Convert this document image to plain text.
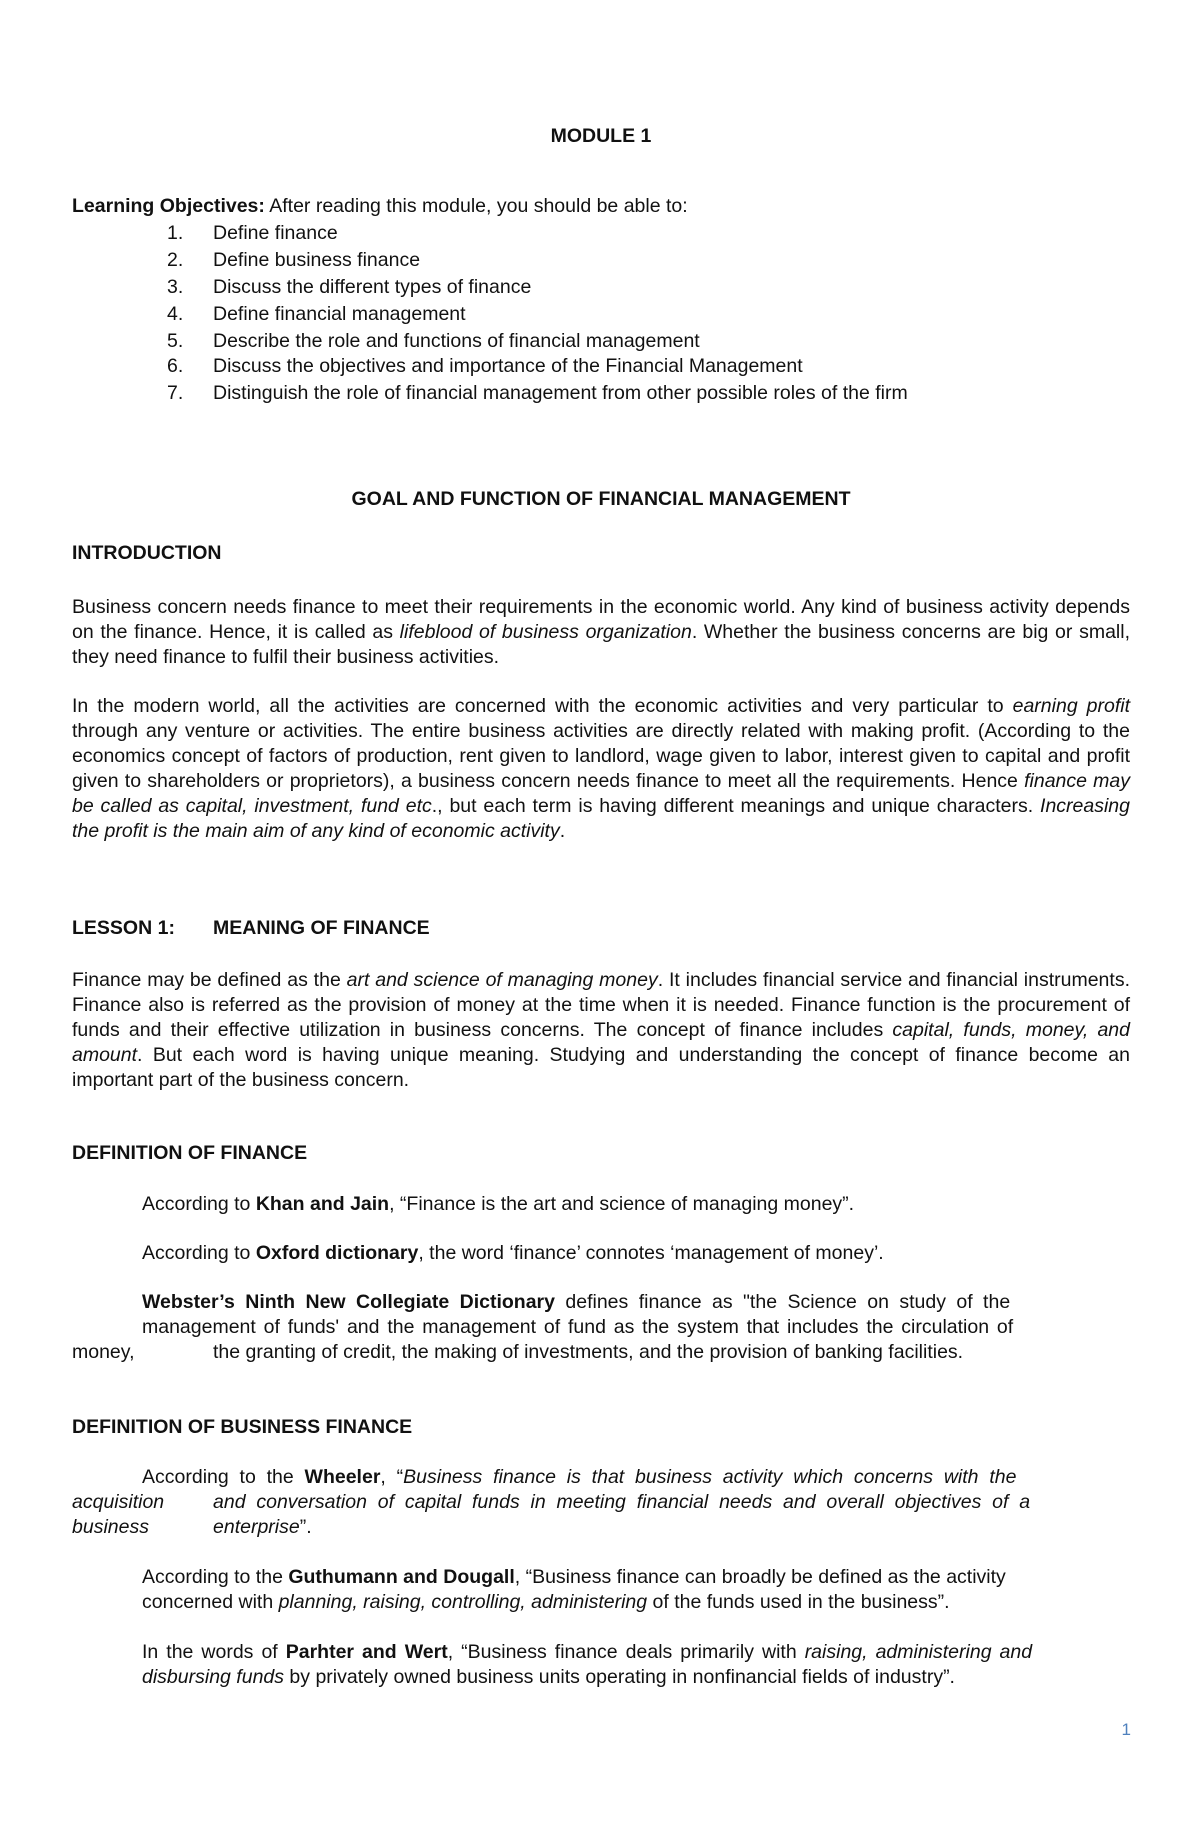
MODULE 1
Learning Objectives: After reading this module, you should be able to:
1. Define finance
2. Define business finance
3. Discuss the different types of finance
4. Define financial management
5. Describe the role and functions of financial management
6. Discuss the objectives and importance of the Financial Management
7. Distinguish the role of financial management from other possible roles of the firm
GOAL AND FUNCTION OF FINANCIAL MANAGEMENT
INTRODUCTION
Business concern needs finance to meet their requirements in the economic world. Any kind of business activity depends on the finance. Hence, it is called as lifeblood of business organization. Whether the business concerns are big or small, they need finance to fulfil their business activities.
In the modern world, all the activities are concerned with the economic activities and very particular to earning profit through any venture or activities. The entire business activities are directly related with making profit. (According to the economics concept of factors of production, rent given to landlord, wage given to labor, interest given to capital and profit given to shareholders or proprietors), a business concern needs finance to meet all the requirements. Hence finance may be called as capital, investment, fund etc., but each term is having different meanings and unique characters. Increasing the profit is the main aim of any kind of economic activity.
LESSON 1: MEANING OF FINANCE
Finance may be defined as the art and science of managing money. It includes financial service and financial instruments. Finance also is referred as the provision of money at the time when it is needed. Finance function is the procurement of funds and their effective utilization in business concerns. The concept of finance includes capital, funds, money, and amount. But each word is having unique meaning. Studying and understanding the concept of finance become an important part of the business concern.
DEFINITION OF FINANCE
According to Khan and Jain, “Finance is the art and science of managing money”.
According to Oxford dictionary, the word ‘finance’ connotes ‘management of money’.
Webster’s Ninth New Collegiate Dictionary defines finance as "the Science on study of the
management of funds' and the management of fund as the system that includes the circulation of
money,	the granting of credit, the making of investments, and the provision of banking facilities.
DEFINITION OF BUSINESS FINANCE
According to the Wheeler, “Business finance is that business activity which concerns with the
acquisition	and conversation of capital funds in meeting financial needs and overall objectives of a
business	enterprise”.
According to the Guthumann and Dougall, “Business finance can broadly be defined as the activity
concerned with planning, raising, controlling, administering of the funds used in the business”.
In the words of Parhter and Wert, “Business finance deals primarily with raising, administering and
disbursing funds by privately owned business units operating in nonfinancial fields of industry”.
1
